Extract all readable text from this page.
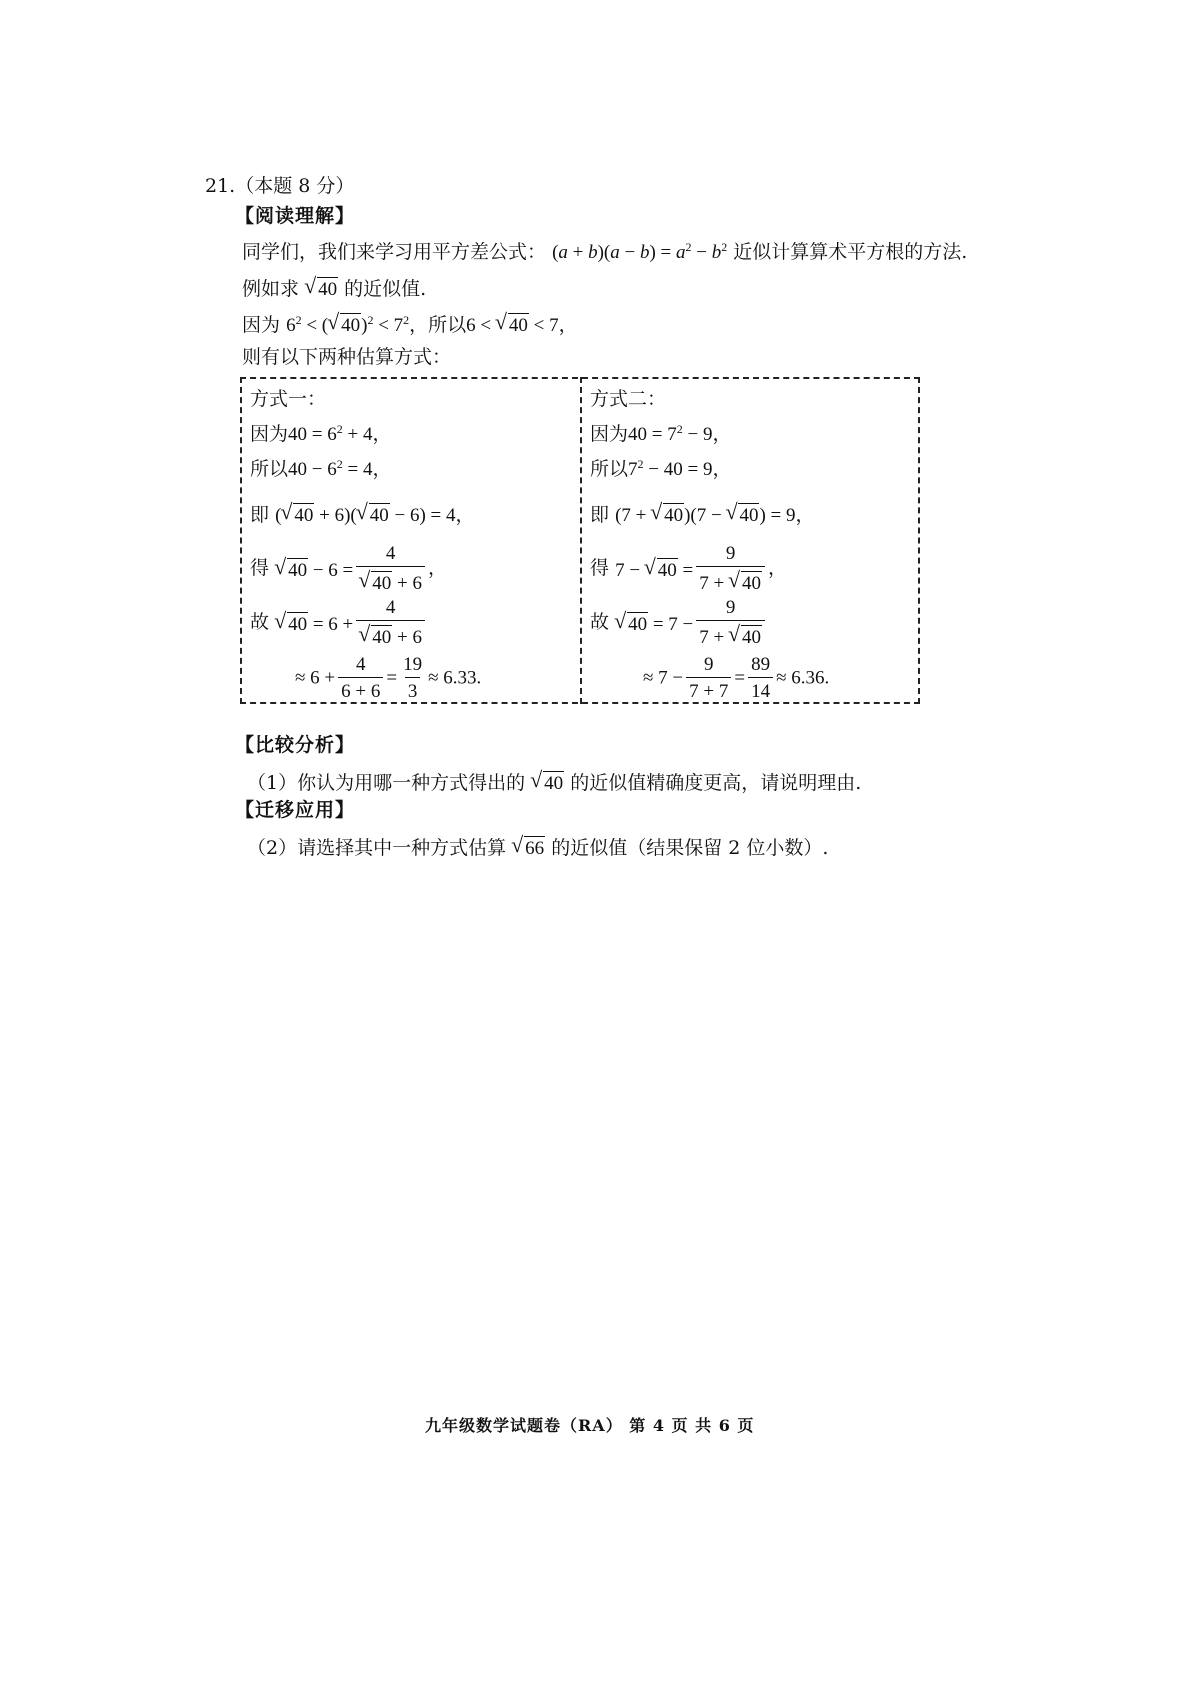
21.（本题 8 分）
【阅读理解】
同学们，我们来学习用平方差公式： $(a + b)(a - b) = a^2 - b^2$ 近似计算算术平方根的方法.
例如求 √ 40 的近似值.
因为 $6^2$ < ( √ $40)^2 < 7^2$，所以6 < √ 40 < 7，
则有以下两种估算方式：
方式一：
因为$40 = 6^2 + 4$，
所以$40 - 6^2 = 4$，
即 ( √ 40 + 6)( √ 40 − 6) = 4，
得 √ 40 − 6 = 4
√ 40 + 6 ，
故 √ 40 = 6 + 4
√ 40 + 6
≈ $6 + \frac{4}{6 + 6} = \frac{19}{3} \approx 6.33$.
方式二：
因为$40 = 7^2 - 9$，
所以$7^2 - 40 = 9$，
即 (7 + √ 40)(7 − √ 40) = 9，
得 7 − √ $40 = \frac{9}{7 + √ 40}$ ，
故 √ $40 = 7 - \frac{9}{7 + √ 40}$
≈ $7 - \frac{9}{7 + 7} = \frac{89}{14} \approx 6.36$.
【比较分析】
（1）你认为用哪一种方式得出的 √ 40 的近似值精确度更高，请说明理由.
【迁移应用】
（2）请选择其中一种方式估算 √ 66 的近似值（结果保留 2 位小数）.
九年级数学试题卷（RA） 第 4 页 共 6 页
